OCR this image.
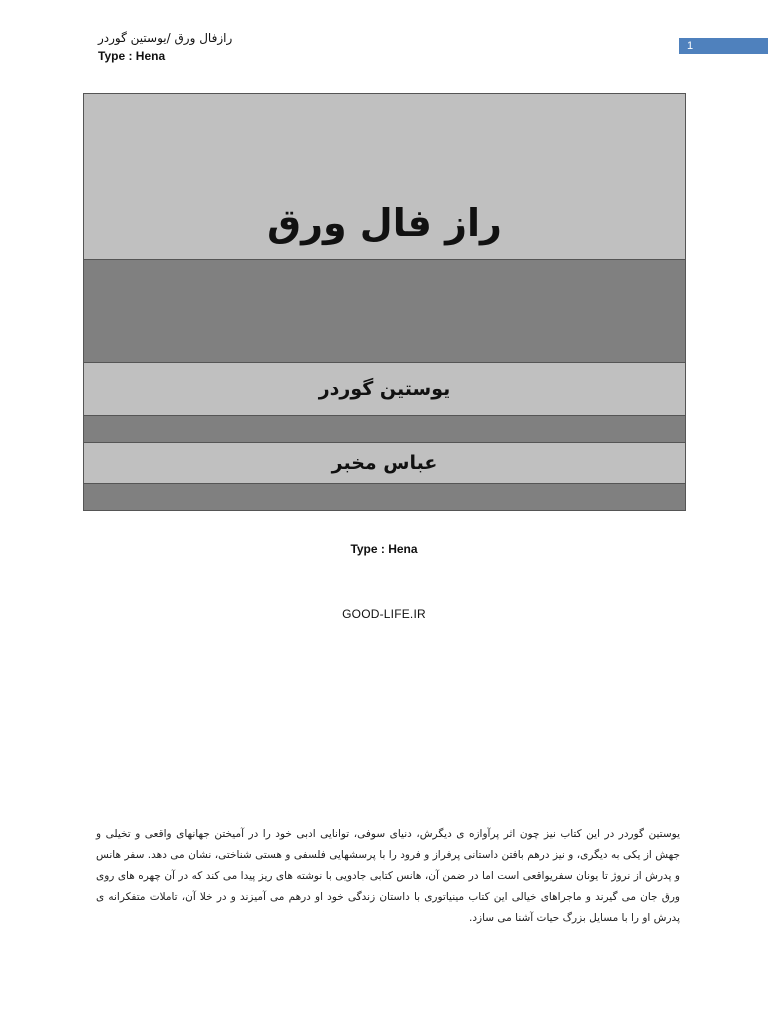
رازفال ورق /یوستین گوردر
Type : Hena
1
راز فال ورق
یوستین گوردر
عباس مخبر
Type : Hena
GOOD-LIFE.IR
یوستین گوردر در این کتاب نیز چون اثر پرآوازه ی دیگرش، دنیای سوفی، توانایی ادبی خود را در آمیختن جهانهای واقعی و تخیلی و جهش از یکی به دیگری، و نیز درهم بافتن داستانی پرفراز و فرود را با پرسشهایی فلسفی و هستی شناختی، نشان می دهد. سفر هانس و پدرش از نروژ تا یونان سفریواقعی است اما در ضمن آن، هانس کتابی جادویی با نوشته های ریز پیدا می کند که در آن چهره های روی ورق جان می گیرند و ماجراهای خیالی این کتاب مینیاتوری با داستان زندگی خود او درهم می آمیزند و در خلا آن، تاملات متفکرانه ی پدرش او را با مسایل بزرگ حیات آشنا می سازد.
